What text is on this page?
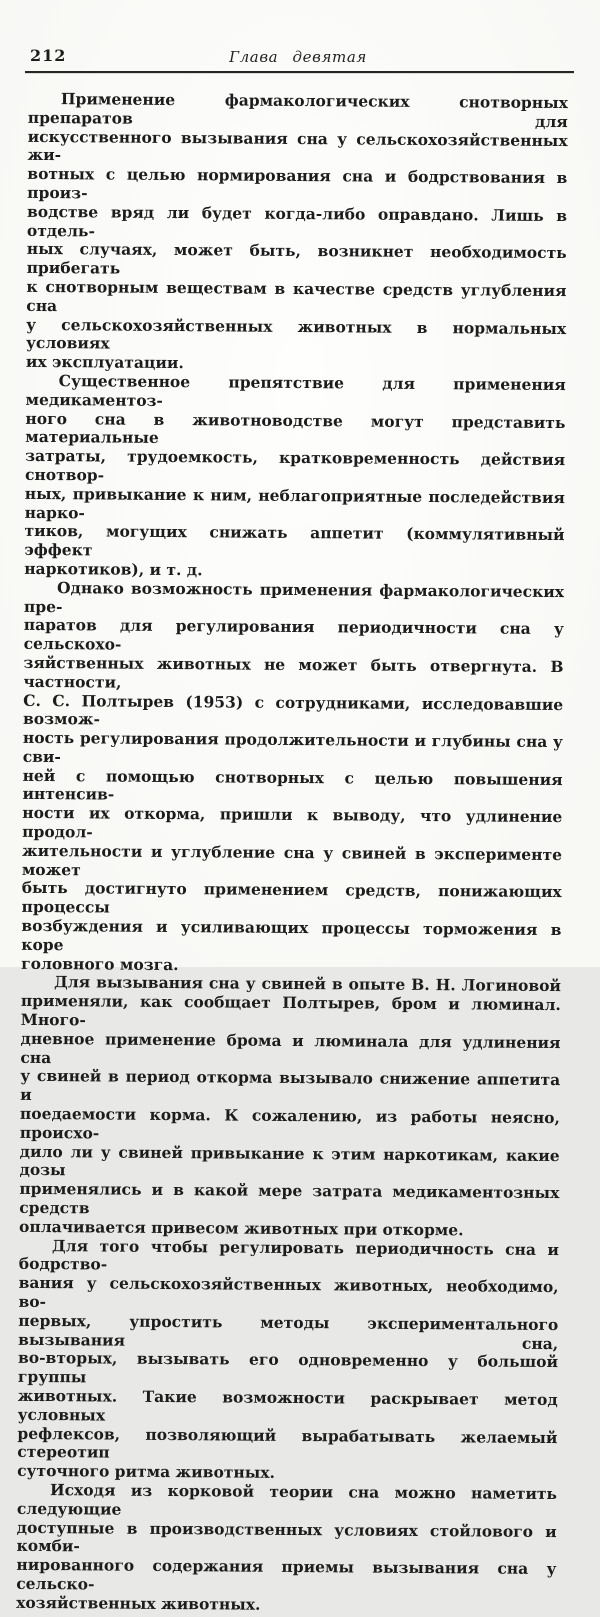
212	Глава девятая
Применение фармакологических снотворных препаратов для
искусственного вызывания сна у сельскохозяйственных жи-
вотных с целью нормирования сна и бодрствования в произ-
водстве вряд ли будет когда-либо оправдано. Лишь в отдель-
ных случаях, может быть, возникнет необходимость прибегать
к снотворным веществам в качестве средств углубления сна
у сельскохозяйственных животных в нормальных условиях
их эксплуатации.
Существенное препятствие для применения медикаментоз-
ного сна в животноводстве могут представить материальные
затраты, трудоемкость, кратковременность действия снотвор-
ных, привыкание к ним, неблагоприятные последействия нарко-
тиков, могущих снижать аппетит (коммулятивный эффект
наркотиков), и т. д.
Однако возможность применения фармакологических пре-
паратов для регулирования периодичности сна у сельскохо-
зяйственных животных не может быть отвергнута. В частности,
С. С. Полтырев (1953) с сотрудниками, исследовавшие возмож-
ность регулирования продолжительности и глубины сна у сви-
ней с помощью снотворных с целью повышения интенсив-
ности их откорма, пришли к выводу, что удлинение продол-
жительности и углубление сна у свиней в эксперименте может
быть достигнуто применением средств, понижающих процессы
возбуждения и усиливающих процессы торможения в коре
головного мозга.
Для вызывания сна у свиней в опыте В. Н. Логиновой
применяли, как сообщает Полтырев, бром и люминал. Много-
дневное применение брома и люминала для удлинения сна
у свиней в период откорма вызывало снижение аппетита и
поедаемости корма. К сожалению, из работы неясно, происхо-
дило ли у свиней привыкание к этим наркотикам, какие дозы
применялись и в какой мере затрата медикаментозных средств
оплачивается привесом животных при откорме.
Для того чтобы регулировать периодичность сна и бодрство-
вания у сельскохозяйственных животных, необходимо, во-
первых, упростить методы экспериментального вызывания сна,
во-вторых, вызывать его одновременно у большой группы
животных. Такие возможности раскрывает метод условных
рефлексов, позволяющий вырабатывать желаемый стереотип
суточного ритма животных.
Исходя из корковой теории сна можно наметить следующие
доступные в производственных условиях стойлового и комби-
нированного содержания приемы вызывания сна у сельско-
хозяйственных животных.
